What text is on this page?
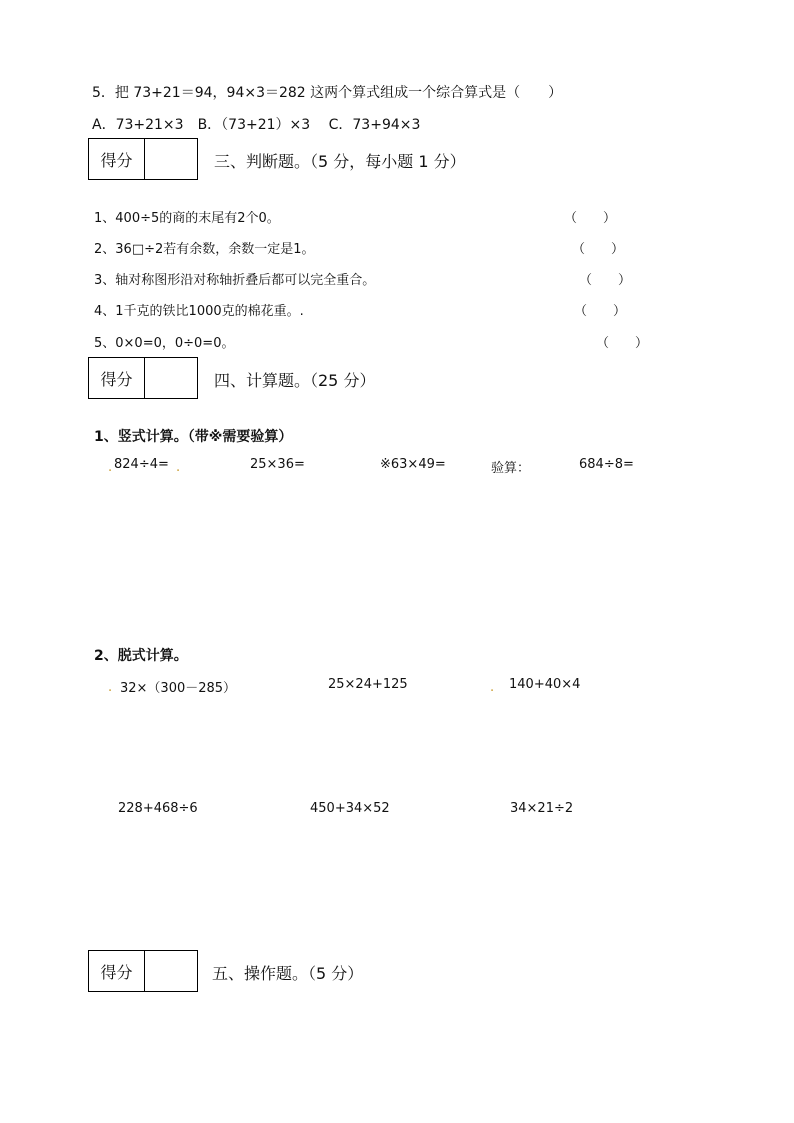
5．把 73+21＝94，94×3＝282 这两个算式组成一个综合算式是（　　）
A．73+21×3　B．（73+21）×3　 C．73+94×3
得分	三、判断题。（5 分，每小题 1 分）
1、400÷5的商的末尾有2个0。	（　　）
2、36□÷2若有余数，余数一定是1。	（　　）
3、轴对称图形沿对称轴折叠后都可以完全重合。	（　　）
4、1千克的铁比1000克的棉花重。.	（　　）
5、0×0=0，0÷0=0。	（　　）
得分	四、计算题。（25 分）
1、竖式计算。（带※需要验算）
. 824÷4= .	25×36=	※63×49=	验算：	684÷8=
2、脱式计算。
. 32×（300－285）	25×24+125	. 140+40×4
228+468÷6	450+34×52	34×21÷2
得分	五、操作题。（5 分）
